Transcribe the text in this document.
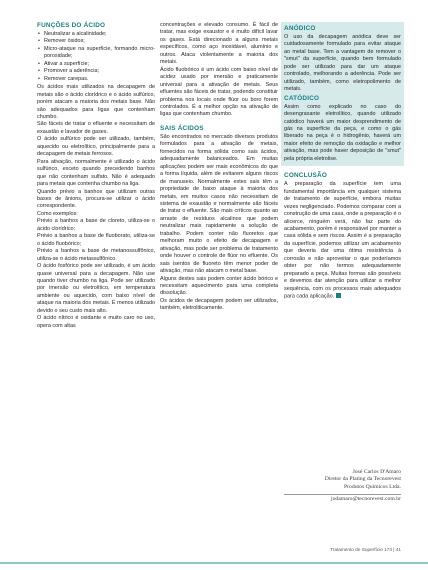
FUNÇÕES DO ÁCIDO
• Neutralizar a alcalinidade;
• Remover óxidos;
• Micro-ataque na superfície, formando micro-porosidade;
• Ativar a superfície;
• Promover a aderência;
• Remover carepas.

Os ácidos mais utilizados na decapagem de metais são o ácido clorídrico e o ácido sulfúrico, porém atacam a maioria dos metais base. Não são adequados para ligas que contenham chumbo.

São fáceis de tratar o efluente e necessitam de exaustão e lavador de gases.

O ácido sulfúrico pode ser utilizado, também, aquecido ou eletrolítico, principalmente para a decapagem de metais ferrosos.

Para ativação, normalmente é utilizado o ácido sulfúrico, exceto quando precedendo banhos que não contenham sulfato. Não é adequado para metais que contenha chumbo na liga.

Quando prévio a banhos que utilizam outras bases de ânions, procura-se utilizar o ácido correspondente.

Como exemplos:

Prévio a banhos a base de cloreto, utiliza-se o ácido clorídrico;

Prévio a banhos a base de fluoborato, utiliza-se o ácido fluobórico;

Prévio a banhos a base de metanossulfônico, utiliza-se o ácido metassulfônico.

O ácido fosfórico pode ser utilizado, é um ácido quase universal para a decapagem. Não use quando tiver chumbo na liga. Pode ser utilizado por imersão ou eletrolítico, em temperatura ambiente ou aquecido, com baixo nível de ataque na maioria dos metais. É menos utilizado devido o seu custo mais alto.

O ácido nítrico é oxidante e muito caro no uso, opera com altas

concentrações e elevado consumo. É fácil de tratar, mas exige exaustor e é muito difícil lavar os gases. Está direcionado a alguns metais específicos, como aço inoxidável, alumínio e outros. Ataca violentamente a maioria dos metais.

Ácido fluobórico é um ácido com baixo nível de acidez usado por imersão e praticamente universal para a ativação de metais. Seus efluentes são fáceis de tratar, podendo constituir problema nos locais onde flúor ou boro forem controlados. É a melhor opção na ativação de ligas que contenham chumbo.

SAIS ÁCIDOS

São encontrados no mercado diversos produtos formulados para a ativação de metais, fornecidos na forma sólida como sais ácidos, adequadamente balanceados. Em muitas aplicações podem ser mais econômicos do que a forma líquida, além de evitarem alguns riscos de manuseio. Normalmente estes sais têm a propriedade de baixo ataque à maioria dos metais, em muitos casos não necessitam de sistema de exaustão e normalmente são fáceis de tratar o efluente. São mais críticos quanto ao arraste de resíduos alcalinos que podem neutralizar mais rapidamente a solução de trabalho. Podem conter não fluoretos que melhoram muito o efeito de decapagem e ativação, mas pode ser problema de tratamento onde houver o controle de flúor no efluente. Os sais isentos de fluoreto têm menor poder de ativação, mas não atacam o metal base.

Alguns destes sais podem conter ácido bórico e necessitam aquecimento para uma completa dissolução.

Os ácidos de decapagem podem ser utilizados, também, eletroliticamente.

ANÓDICO

O uso da decapagem anódica deve ser cuidadosamente formulado para evitar ataque ao metal base. Tem a vantagem de remover o "smut" da superfície, quando bem formulado pode ser utilizado para dar um ataque controlado, melhorando a aderência. Pode ser utilizado, também, como eletropolimento de metais.

CATÓDICO

Assim como explicado no caso do desengraxante eletrolítico, quando utilizado catódico haverá um maior desprendimento de gás na superfície da peça, e como o gás liberado na peça é o hidrogênio, haverá um maior efeito de remoção da oxidação e melhor ativação, mas pode haver deposição de "smut" pela própria eletrolise.

CONCLUSÃO

A preparação da superfície tem uma fundamental importância em qualquer sistema de tratamento de superfície, embora muitas vezes negligenciado. Podemos comparar com a construção de uma casa, onde a preparação é o alicerce, ninguém verá, não faz parte do acabamento, porém é responsável por manter a casa sólida e sem riscos. Assim é a preparação da superfície, podemos utilizar um acabamento que deveria dar uma ótima resistência à corrosão e não aproveitar o que poderíamos obter por não termos adequadamente preparado a peça. Muitas formas são possíveis e devemos dar atenção para utilizar a melhor sequência, com os processos mais adequados para cada aplicação.

José Carlos D'Amaro

Diretor da Plating da Tecnorevest

Produtos Químicos Ltda.

jodamaro@tecnorevest.com.br

Tratamento de Superfície 174 | 41
